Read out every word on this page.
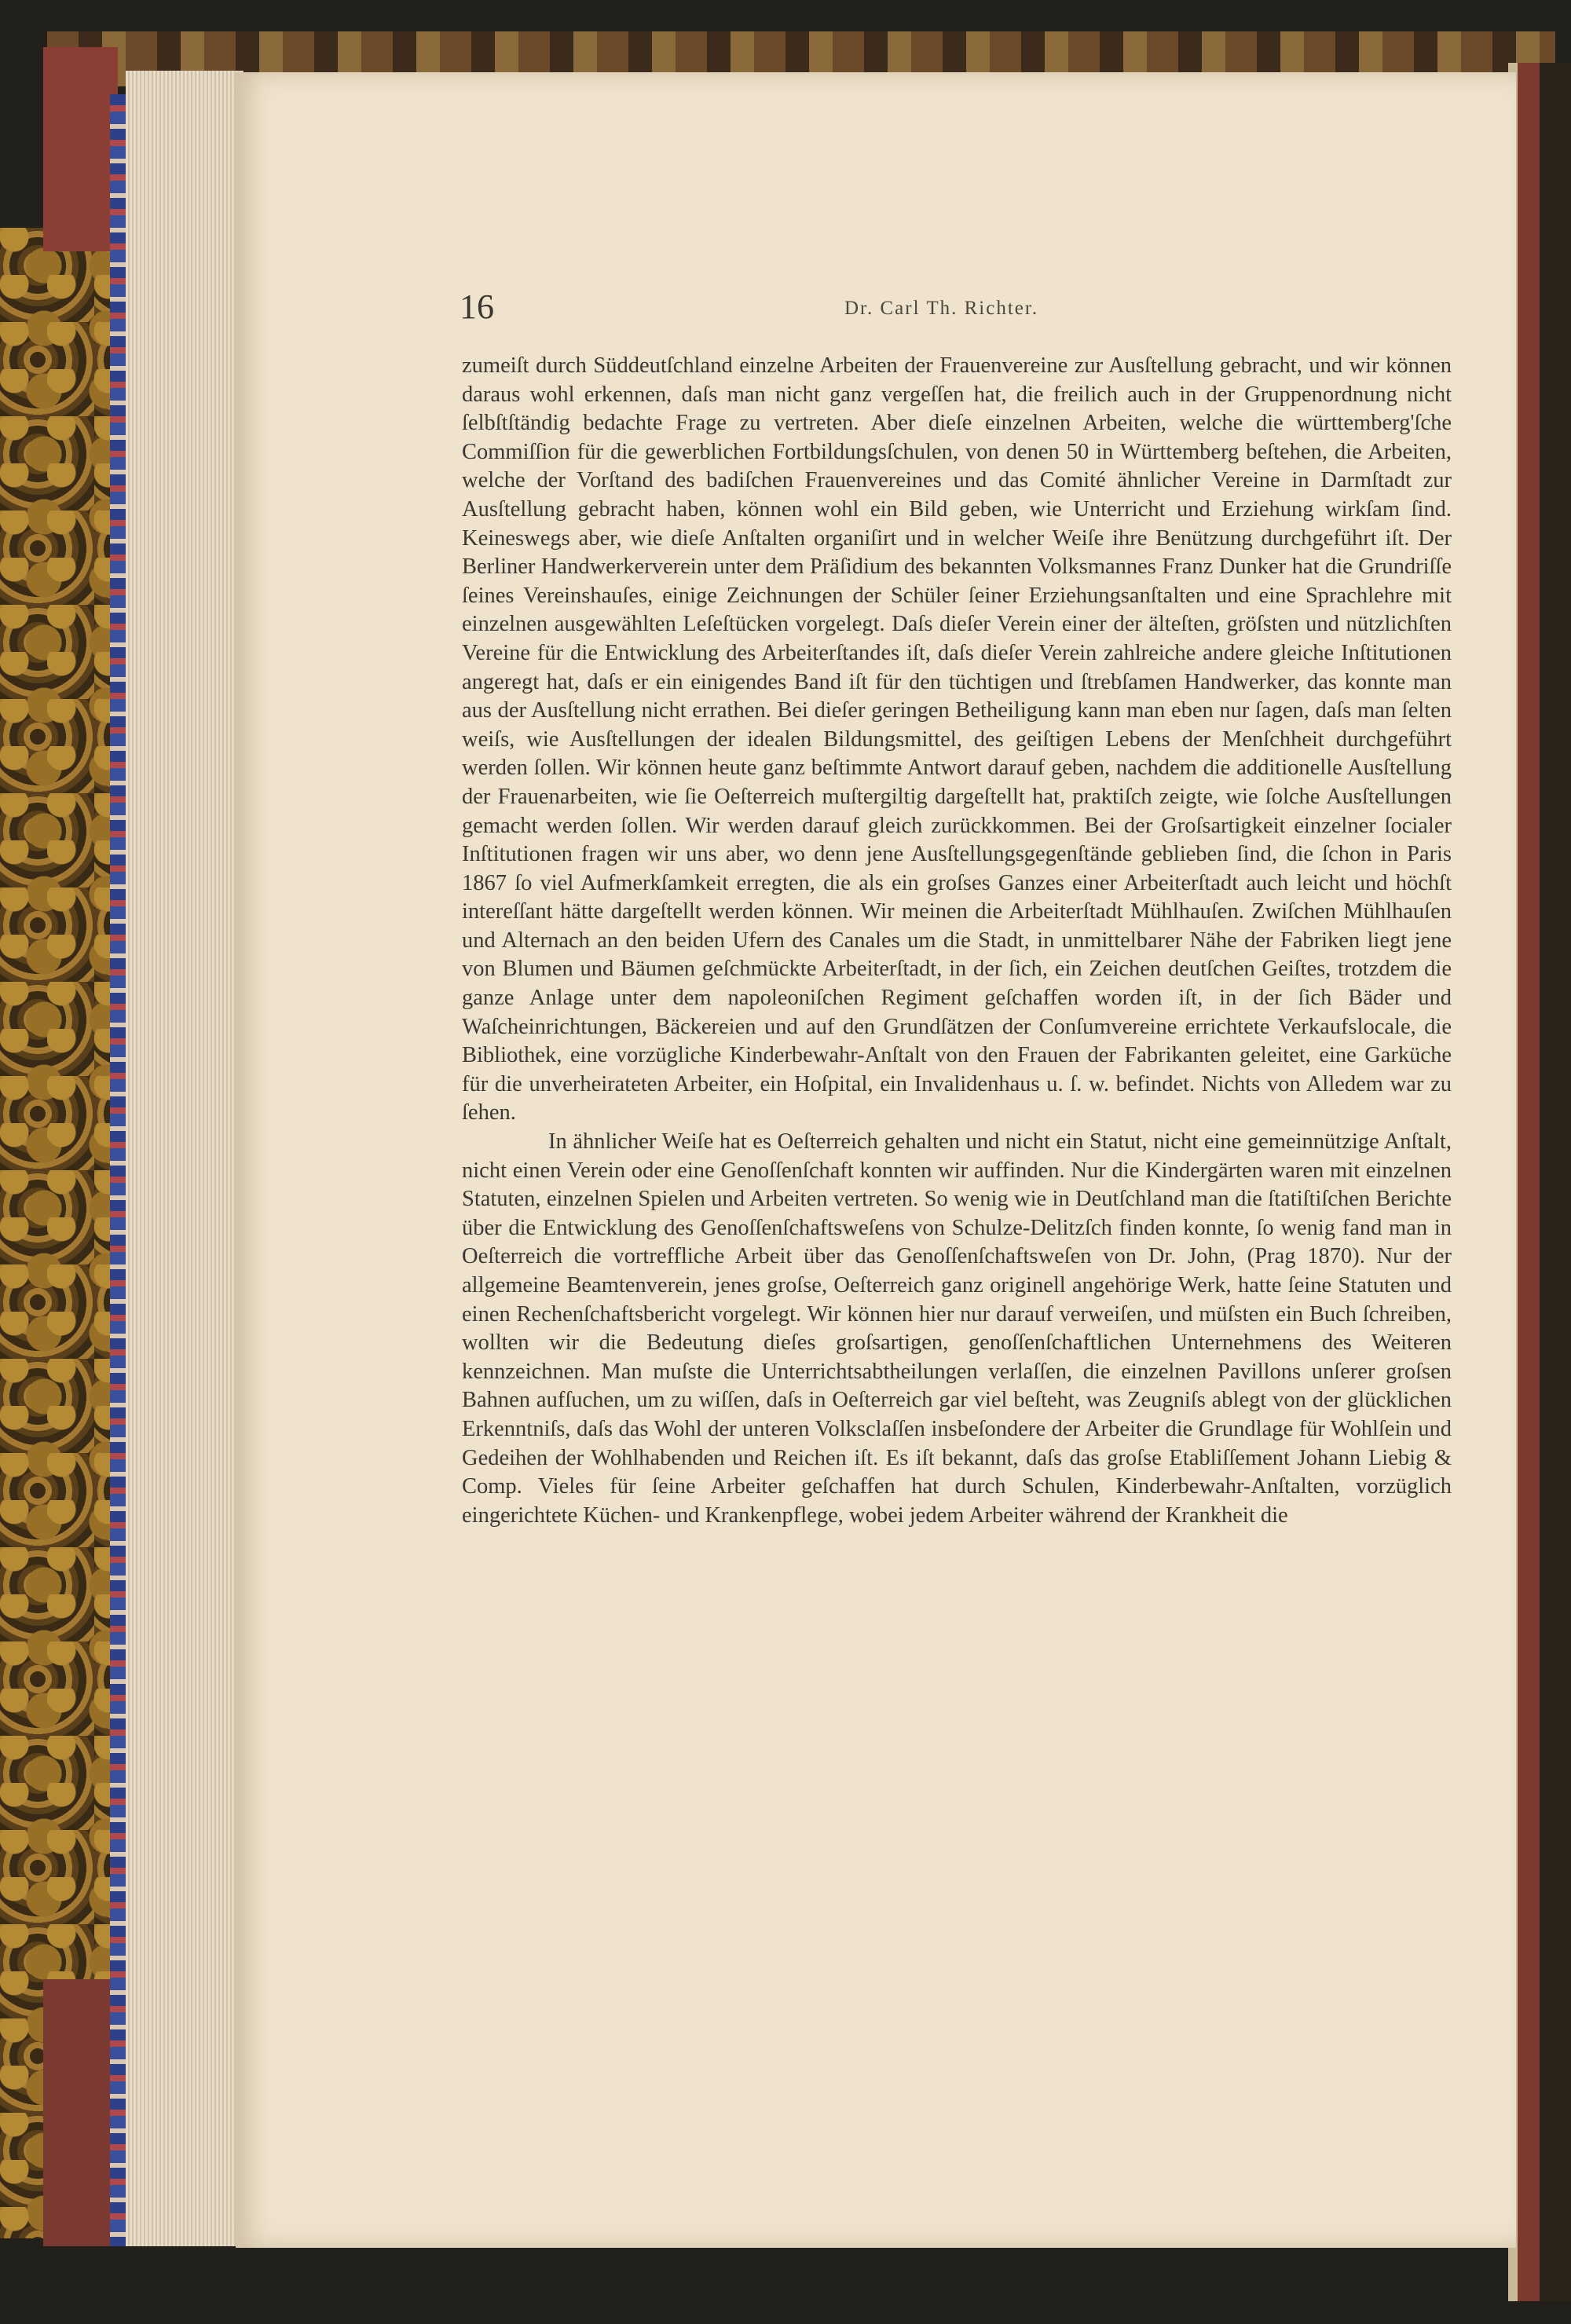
16	Dr. Carl Th. Richter.

zumeiſt durch Süddeutſchland einzelne Arbeiten der Frauenvereine zur Ausſtellung gebracht, und wir können daraus wohl erkennen, daſs man nicht ganz vergeſſen hat, die freilich auch in der Gruppenordnung nicht ſelbſtſtändig bedachte Frage zu vertreten. Aber dieſe einzelnen Arbeiten, welche die württemberg'ſche Commiſſion für die gewerblichen Fortbildungsſchulen, von denen 50 in Württemberg beſtehen, die Arbeiten, welche der Vorſtand des badiſchen Frauenvereines und das Comité ähnlicher Vereine in Darmſtadt zur Ausſtellung gebracht haben, können wohl ein Bild geben, wie Unterricht und Erziehung wirkſam ſind. Keineswegs aber, wie dieſe Anſtalten organiſirt und in welcher Weiſe ihre Benützung durchgeführt iſt. Der Berliner Handwerkerverein unter dem Präſidium des bekannten Volksmannes Franz Dunker hat die Grundriſſe ſeines Vereinshauſes, einige Zeichnungen der Schüler ſeiner Erziehungsanſtalten und eine Sprachlehre mit einzelnen ausgewählten Leſeſtücken vorgelegt. Daſs dieſer Verein einer der älteſten, gröſsten und nützlichſten Vereine für die Entwicklung des Arbeiterſtandes iſt, daſs dieſer Verein zahlreiche andere gleiche Inſtitutionen angeregt hat, daſs er ein einigendes Band iſt für den tüchtigen und ſtrebſamen Handwerker, das konnte man aus der Ausſtellung nicht errathen. Bei dieſer geringen Betheiligung kann man eben nur ſagen, daſs man ſelten weiſs, wie Ausſtellungen der idealen Bildungsmittel, des geiſtigen Lebens der Menſchheit durchgeführt werden ſollen. Wir können heute ganz beſtimmte Antwort darauf geben, nachdem die additionelle Ausſtellung der Frauenarbeiten, wie ſie Oeſterreich muſtergiltig dargeſtellt hat, praktiſch zeigte, wie ſolche Ausſtellungen gemacht werden ſollen. Wir werden darauf gleich zurückkommen. Bei der Groſsartigkeit einzelner ſocialer Inſtitutionen fragen wir uns aber, wo denn jene Ausſtellungsgegenſtände geblieben ſind, die ſchon in Paris 1867 ſo viel Aufmerkſamkeit erregten, die als ein groſses Ganzes einer Arbeiterſtadt auch leicht und höchſt intereſſant hätte dargeſtellt werden können. Wir meinen die Arbeiterſtadt Mühlhauſen. Zwiſchen Mühlhauſen und Alternach an den beiden Ufern des Canales um die Stadt, in unmittelbarer Nähe der Fabriken liegt jene von Blumen und Bäumen geſchmückte Arbeiterſtadt, in der ſich, ein Zeichen deutſchen Geiſtes, trotzdem die ganze Anlage unter dem napoleoniſchen Regiment geſchaffen worden iſt, in der ſich Bäder und Waſcheinrichtungen, Bäckereien und auf den Grundſätzen der Conſumvereine errichtete Verkaufslocale, die Bibliothek, eine vorzügliche Kinderbewahr-Anſtalt von den Frauen der Fabrikanten geleitet, eine Garküche für die unverheirateten Arbeiter, ein Hoſpital, ein Invalidenhaus u. ſ. w. befindet. Nichts von Alledem war zu ſehen.

In ähnlicher Weiſe hat es Oeſterreich gehalten und nicht ein Statut, nicht eine gemeinnützige Anſtalt, nicht einen Verein oder eine Genoſſenſchaft konnten wir auffinden. Nur die Kindergärten waren mit einzelnen Statuten, einzelnen Spielen und Arbeiten vertreten. So wenig wie in Deutſchland man die ſtatiſtiſchen Berichte über die Entwicklung des Genoſſenſchaftsweſens von Schulze-Delitzſch finden konnte, ſo wenig fand man in Oeſterreich die vortreffliche Arbeit über das Genoſſenſchaftsweſen von Dr. John, (Prag 1870). Nur der allgemeine Beamtenverein, jenes groſse, Oeſterreich ganz originell angehörige Werk, hatte ſeine Statuten und einen Rechenſchaftsbericht vorgelegt. Wir können hier nur darauf verweiſen, und müſsten ein Buch ſchreiben, wollten wir die Bedeutung dieſes groſsartigen, genoſſenſchaftlichen Unternehmens des Weiteren kennzeichnen. Man muſste die Unterrichtsabtheilungen verlaſſen, die einzelnen Pavillons unſerer groſsen Bahnen aufſuchen, um zu wiſſen, daſs in Oeſterreich gar viel beſteht, was Zeugniſs ablegt von der glücklichen Erkenntniſs, daſs das Wohl der unteren Volksclaſſen insbeſondere der Arbeiter die Grundlage für Wohlſein und Gedeihen der Wohlhabenden und Reichen iſt. Es iſt bekannt, daſs das groſse Etabliſſement Johann Liebig & Comp. Vieles für ſeine Arbeiter geſchaffen hat durch Schulen, Kinderbewahr-Anſtalten, vorzüglich eingerichtete Küchen- und Krankenpflege, wobei jedem Arbeiter während der Krankheit die
